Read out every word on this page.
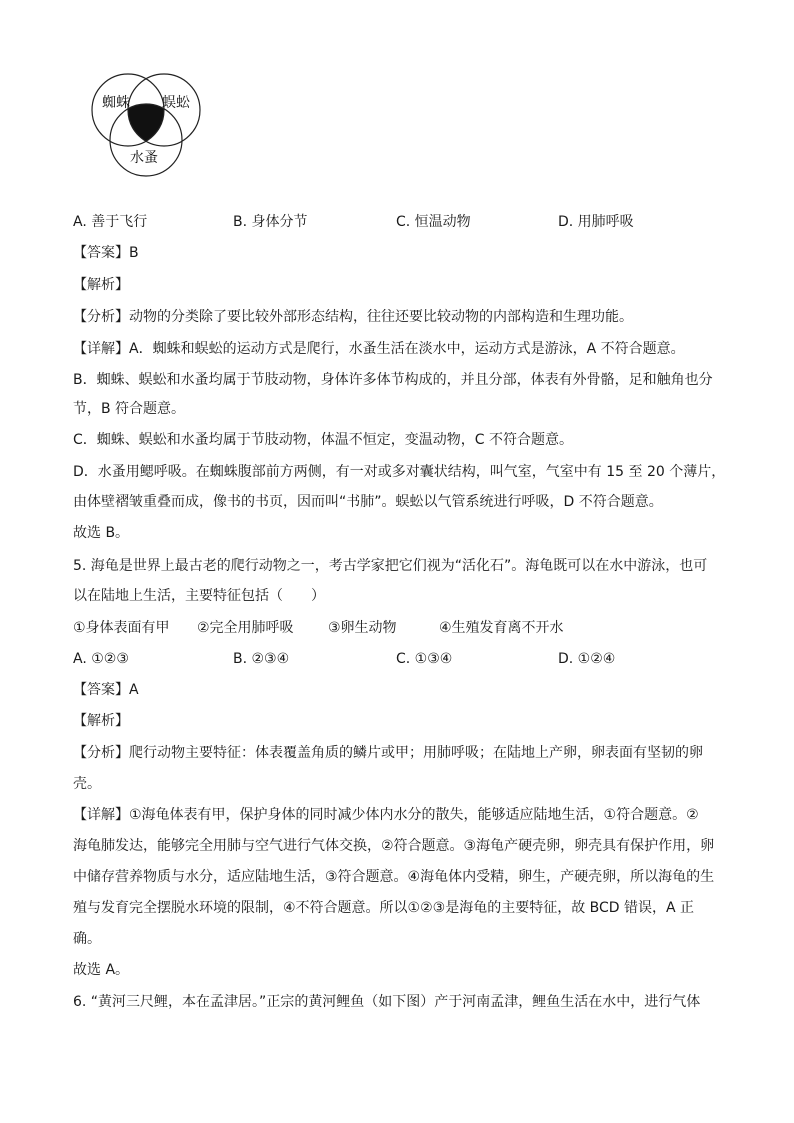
蜘蛛 蜈蚣
水蚤
A. 善于飞行	B. 身体分节	C. 恒温动物	D. 用肺呼吸
【答案】B
【解析】
【分析】动物的分类除了要比较外部形态结构，往往还要比较动物的内部构造和生理功能。
【详解】A．蜘蛛和蜈蚣的运动方式是爬行，水蚤生活在淡水中，运动方式是游泳，A 不符合题意。
B．蜘蛛、蜈蚣和水蚤均属于节肢动物，身体许多体节构成的，并且分部，体表有外骨骼，足和触角也分
节，B 符合题意。
C．蜘蛛、蜈蚣和水蚤均属于节肢动物，体温不恒定，变温动物，C 不符合题意。
D．水蚤用鳃呼吸。在蜘蛛腹部前方两侧，有一对或多对囊状结构，叫气室，气室中有 15 至 20 个薄片，
由体壁褶皱重叠而成，像书的书页，因而叫“书肺”。蜈蚣以气管系统进行呼吸，D 不符合题意。
故选 B。
5. 海龟是世界上最古老的爬行动物之一，考古学家把它们视为“活化石”。海龟既可以在水中游泳，也可
以在陆地上生活，主要特征包括（　　）
①身体表面有甲 ②完全用肺呼吸 ③卵生动物	④生殖发育离不开水
A. ①②③	B. ②③④	C. ①③④	D. ①②④
【答案】A
【解析】
【分析】爬行动物主要特征：体表覆盖角质的鳞片或甲；用肺呼吸；在陆地上产卵，卵表面有坚韧的卵
壳。
【详解】①海龟体表有甲，保护身体的同时减少体内水分的散失，能够适应陆地生活，①符合题意。②
海龟肺发达，能够完全用肺与空气进行气体交换，②符合题意。③海龟产硬壳卵，卵壳具有保护作用，卵
中储存营养物质与水分，适应陆地生活，③符合题意。④海龟体内受精，卵生，产硬壳卵，所以海龟的生
殖与发育完全摆脱水环境的限制，④不符合题意。所以①②③是海龟的主要特征，故 BCD 错误，A 正
确。
故选 A。
6. “黄河三尺鲤，本在孟津居。”正宗的黄河鲤鱼（如下图）产于河南孟津，鲤鱼生活在水中，进行气体
